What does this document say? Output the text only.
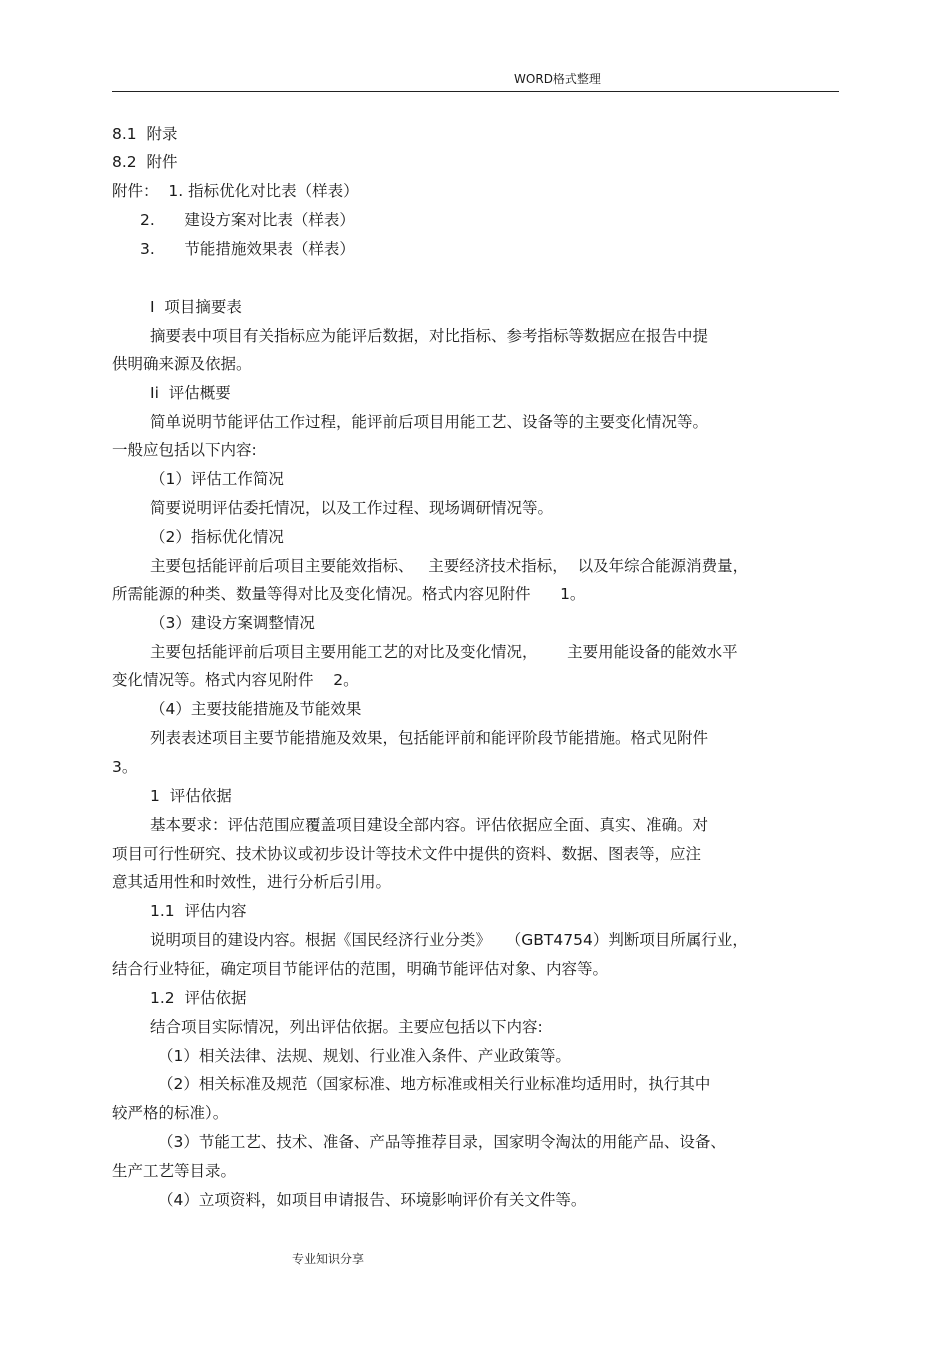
WORD格式整理
8.1  附录
8.2  附件
附件：  1. 指标优化对比表（样表）
2.      建设方案对比表（样表）
3.      节能措施效果表（样表）
I  项目摘要表
摘要表中项目有关指标应为能评后数据，对比指标、参考指标等数据应在报告中提
供明确来源及依据。
Ii  评估概要
简单说明节能评估工作过程，能评前后项目用能工艺、设备等的主要变化情况等。
一般应包括以下内容:
（1）评估工作简况
简要说明评估委托情况，以及工作过程、现场调研情况等。
（2）指标优化情况
主要包括能评前后项目主要能效指标、   主要经济技术指标，  以及年综合能源消费量，
所需能源的种类、数量等得对比及变化情况。格式内容见附件      1。
（3）建设方案调整情况
主要包括能评前后项目主要用能工艺的对比及变化情况，      主要用能设备的能效水平
变化情况等。格式内容见附件    2。
（4）主要技能措施及节能效果
列表表述项目主要节能措施及效果，包括能评前和能评阶段节能措施。格式见附件
3。
1  评估依据
基本要求：评估范围应覆盖项目建设全部内容。评估依据应全面、真实、准确。对
项目可行性研究、技术协议或初步设计等技术文件中提供的资料、数据、图表等，应注
意其适用性和时效性，进行分析后引用。
1.1  评估内容
说明项目的建设内容。根据《国民经济行业分类》   （GBT4754）判断项目所属行业，
结合行业特征，确定项目节能评估的范围，明确节能评估对象、内容等。
1.2  评估依据
结合项目实际情况，列出评估依据。主要应包括以下内容:
（1）相关法律、法规、规划、行业准入条件、产业政策等。
（2）相关标准及规范（国家标准、地方标准或相关行业标准均适用时，执行其中
较严格的标准）。
（3）节能工艺、技术、准备、产品等推荐目录，国家明令淘汰的用能产品、设备、
生产工艺等目录。
（4）立项资料，如项目申请报告、环境影响评价有关文件等。
专业知识分享
